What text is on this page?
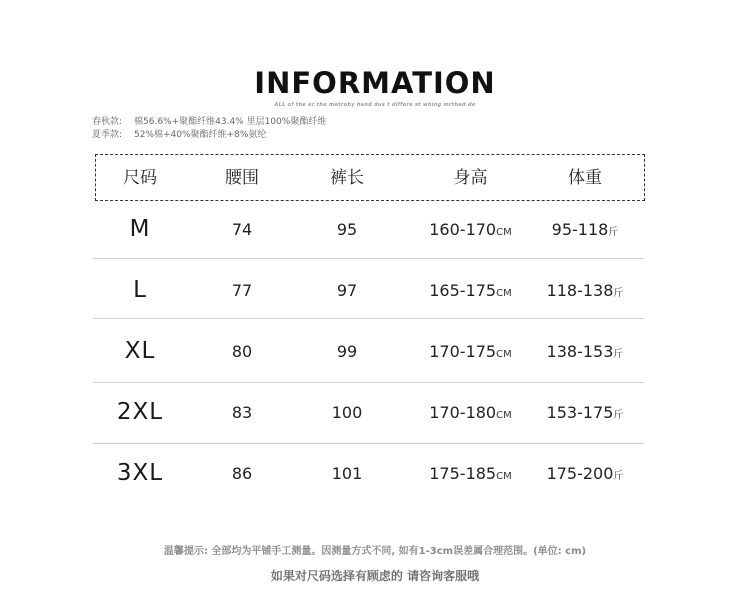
INFORMATION
ALL of the er the metroby hand dus t differe st whing mrthed de
春秋款: 棉56.6%+聚酯纤维43.4% 里层100%聚酯纤维
夏季款: 52%棉+40%聚酯纤维+8%氨纶
尺码	腰围	裤长	身高	体重
M	74	95	160-170CM	95-118斤
L	77	97	165-175CM	118-138斤
XL	80	99	170-175CM	138-153斤
2XL	83	100	170-180CM	153-175斤
3XL	86	101	175-185CM	175-200斤
温馨提示: 全部均为平铺手工测量。因测量方式不同, 如有1-3cm误差属合理范围。(单位: cm)
如果对尺码选择有顾虑的 请咨询客服哦
